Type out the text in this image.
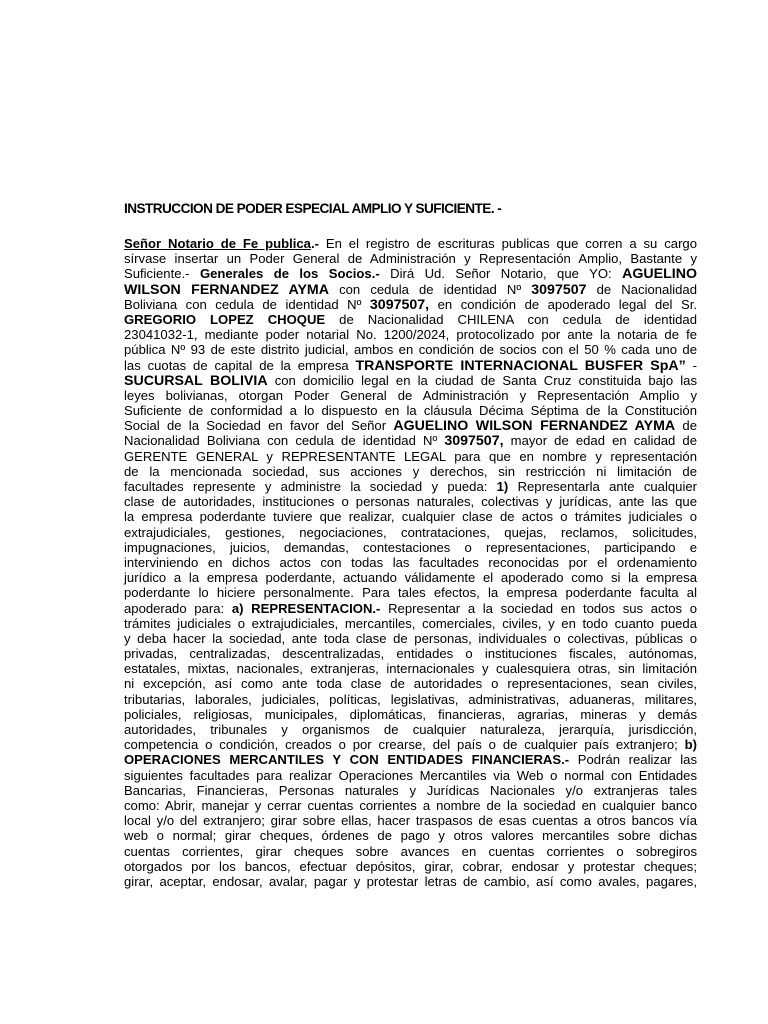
INSTRUCCION DE PODER ESPECIAL AMPLIO Y SUFICIENTE. -
Señor Notario de Fe publica.- En el registro de escrituras publicas que corren a su cargo
sírvase insertar un Poder General de Administración y Representación Amplio, Bastante y
Suficiente.- Generales de los Socios.- Dirá Ud. Señor Notario, que YO: AGUELINO
WILSON FERNANDEZ AYMA con cedula de identidad Nº 3097507 de Nacionalidad
Boliviana con cedula de identidad Nº 3097507, en condición de apoderado legal del Sr.
GREGORIO LOPEZ CHOQUE de Nacionalidad CHILENA con cedula de identidad
23041032-1, mediante poder notarial No. 1200/2024, protocolizado por ante la notaria de fe
pública Nº 93 de este distrito judicial, ambos en condición de socios con el 50 % cada uno de
las cuotas de capital de la empresa TRANSPORTE INTERNACIONAL BUSFER SpA” -
SUCURSAL BOLIVIA con domicilio legal en la ciudad de Santa Cruz constituida bajo las
leyes bolivianas, otorgan Poder General de Administración y Representación Amplio y
Suficiente de conformidad a lo dispuesto en la cláusula Décima Séptima de la Constitución
Social de la Sociedad en favor del Señor AGUELINO WILSON FERNANDEZ AYMA de
Nacionalidad Boliviana con cedula de identidad Nº 3097507, mayor de edad en calidad de
GERENTE GENERAL y REPRESENTANTE LEGAL para que en nombre y representación
de la mencionada sociedad, sus acciones y derechos, sin restricción ni limitación de
facultades represente y administre la sociedad y pueda: 1) Representarla ante cualquier
clase de autoridades, instituciones o personas naturales, colectivas y jurídicas, ante las que
la empresa poderdante tuviere que realizar, cualquier clase de actos o trámites judiciales o
extrajudiciales, gestiones, negociaciones, contrataciones, quejas, reclamos, solicitudes,
impugnaciones, juicios, demandas, contestaciones o representaciones, participando e
interviniendo en dichos actos con todas las facultades reconocidas por el ordenamiento
jurídico a la empresa poderdante, actuando válidamente el apoderado como si la empresa
poderdante lo hiciere personalmente. Para tales efectos, la empresa poderdante faculta al
apoderado para: a) REPRESENTACION.- Representar a la sociedad en todos sus actos o
trámites judiciales o extrajudiciales, mercantiles, comerciales, civiles, y en todo cuanto pueda
y deba hacer la sociedad, ante toda clase de personas, individuales o colectivas, públicas o
privadas, centralizadas, descentralizadas, entidades o instituciones fiscales, autónomas,
estatales, mixtas, nacionales, extranjeras, internacionales y cualesquiera otras, sin limitación
ni excepción, así como ante toda clase de autoridades o representaciones, sean civiles,
tributarias, laborales, judiciales, políticas, legislativas, administrativas, aduaneras, militares,
policiales, religiosas, municipales, diplomáticas, financieras, agrarias, mineras y demás
autoridades, tribunales y organismos de cualquier naturaleza, jerarquía, jurisdicción,
competencia o condición, creados o por crearse, del país o de cualquier país extranjero; b)
OPERACIONES MERCANTILES Y CON ENTIDADES FINANCIERAS.- Podrán realizar las
siguientes facultades para realizar Operaciones Mercantiles via Web o normal con Entidades
Bancarias, Financieras, Personas naturales y Jurídicas Nacionales y/o extranjeras tales
como: Abrir, manejar y cerrar cuentas corrientes a nombre de la sociedad en cualquier banco
local y/o del extranjero; girar sobre ellas, hacer traspasos de esas cuentas a otros bancos vía
web o normal; girar cheques, órdenes de pago y otros valores mercantiles sobre dichas
cuentas corrientes, girar cheques sobre avances en cuentas corrientes o sobregiros
otorgados por los bancos, efectuar depósitos, girar, cobrar, endosar y protestar cheques;
girar, aceptar, endosar, avalar, pagar y protestar letras de cambio, así como avales, pagares,
